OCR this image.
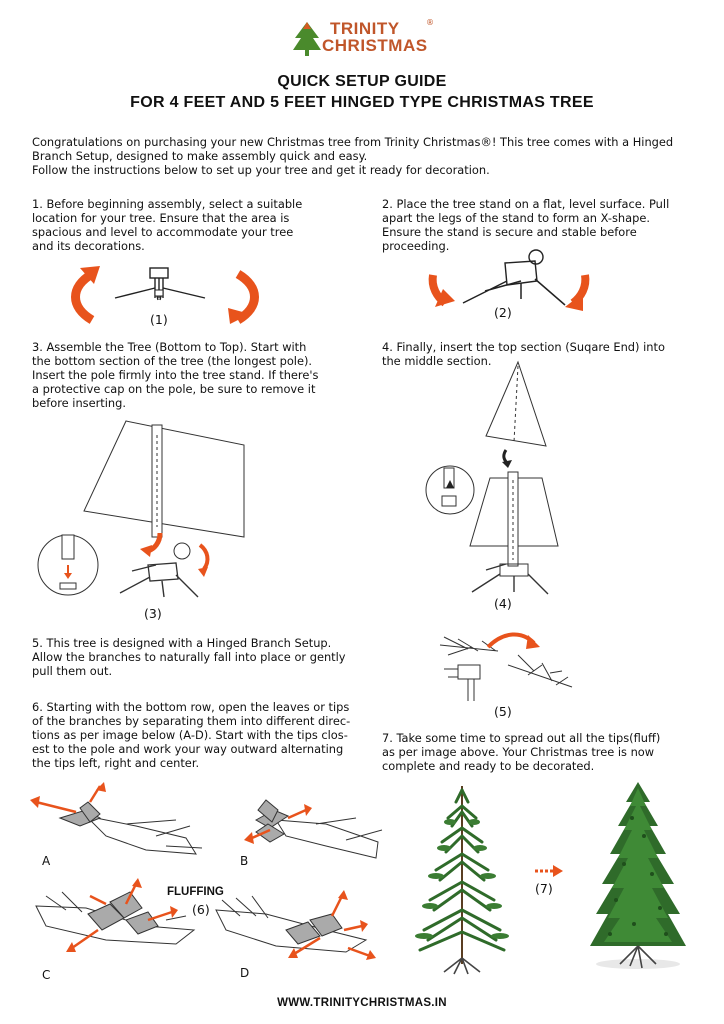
TRINITY
CHRISTMAS
®
QUICK SETUP GUIDE
FOR 4 FEET AND 5 FEET HINGED TYPE CHRISTMAS TREE
Congratulations on purchasing your new Christmas tree from Trinity Christmas®! This tree comes with a Hinged
Branch Setup, designed to make assembly quick and easy.
Follow the instructions below to set up your tree and get it ready for decoration.
1. Before beginning assembly, select a suitable
location for your tree. Ensure that the area is
spacious and level to accommodate your tree
and its decorations.
(1)
2. Place the tree stand on a flat, level surface. Pull
apart the legs of the stand to form an X-shape.
Ensure the stand is secure and stable before
proceeding.
(2)
3. Assemble the Tree (Bottom to Top). Start with
the bottom section of the tree (the longest pole).
Insert the pole firmly into the tree stand. If there's
a protective cap on the pole, be sure to remove it
before inserting.
(3)
4. Finally, insert the top section (Suqare End) into
the middle section.
(4)
5. This tree is designed with a Hinged Branch Setup.
Allow the branches to naturally fall into place or gently
pull them out.
(5)
6. Starting with the bottom row, open the leaves or tips
of the branches by separating them into different direc-
tions as per image below (A-D). Start with the tips clos-
est to the pole and work your way outward alternating
the tips left, right and center.
A	B
C	D
FLUFFING
(6)
7. Take some time to spread out all the tips(fluff)
as per image above. Your Christmas tree is now
complete and ready to be decorated.
(7)
WWW.TRINITYCHRISTMAS.IN
